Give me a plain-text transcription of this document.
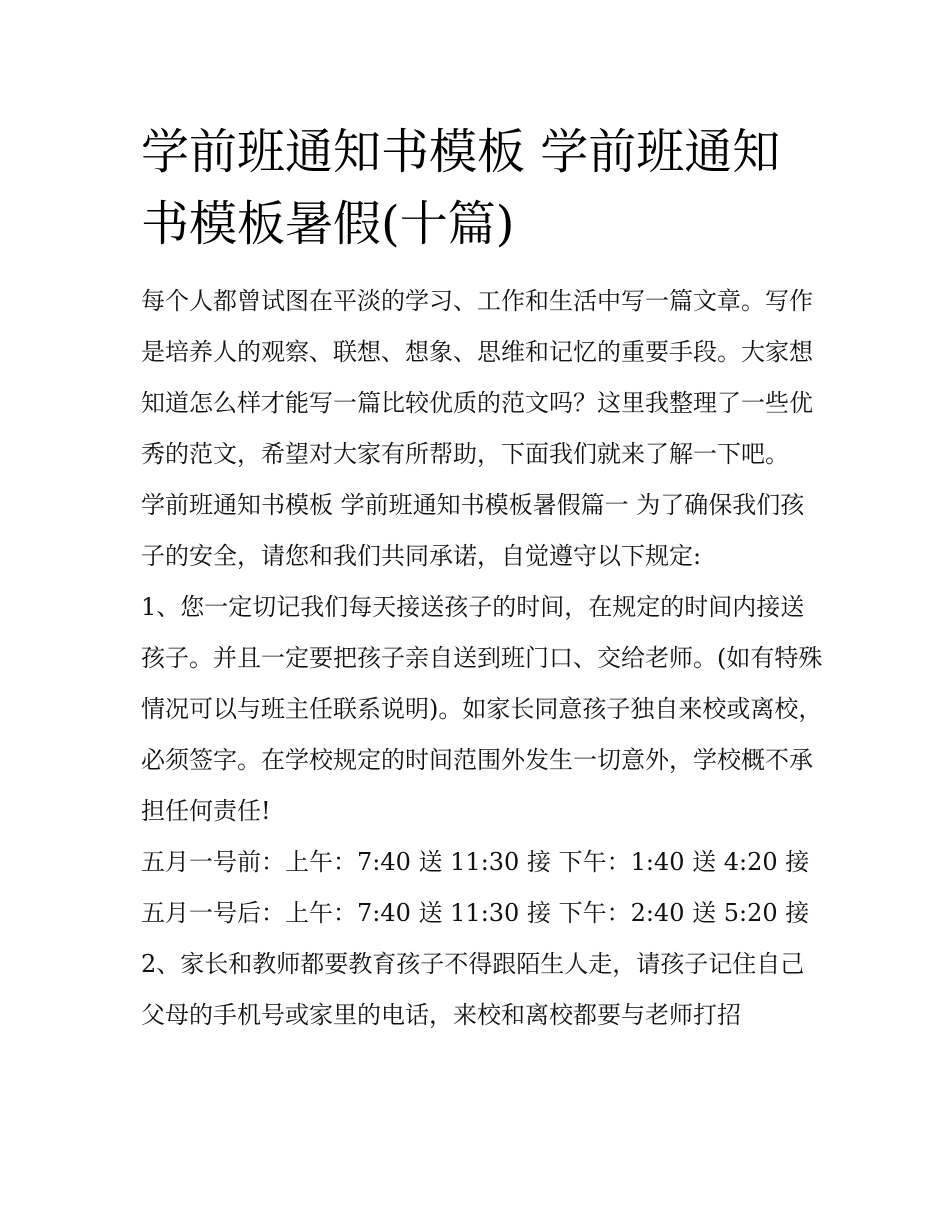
学前班通知书模板 学前班通知书模板暑假(十篇)

每个人都曾试图在平淡的学习、工作和生活中写一篇文章。写作是培养人的观察、联想、想象、思维和记忆的重要手段。大家想知道怎么样才能写一篇比较优质的范文吗？这里我整理了一些优秀的范文，希望对大家有所帮助，下面我们就来了解一下吧。

学前班通知书模板 学前班通知书模板暑假篇一 为了确保我们孩子的安全，请您和我们共同承诺，自觉遵守以下规定:

1、您一定切记我们每天接送孩子的时间，在规定的时间内接送孩子。并且一定要把孩子亲自送到班门口、交给老师。(如有特殊情况可以与班主任联系说明)。如家长同意孩子独自来校或离校，必须签字。在学校规定的时间范围外发生一切意外，学校概不承担任何责任!

五月一号前：上午：7:40 送 11:30 接 下午：1:40 送 4:20 接 五月一号后：上午：7:40 送 11:30 接 下午：2:40 送 5:20 接

2、家长和教师都要教育孩子不得跟陌生人走，请孩子记住自己父母的手机号或家里的电话，来校和离校都要与老师打招
